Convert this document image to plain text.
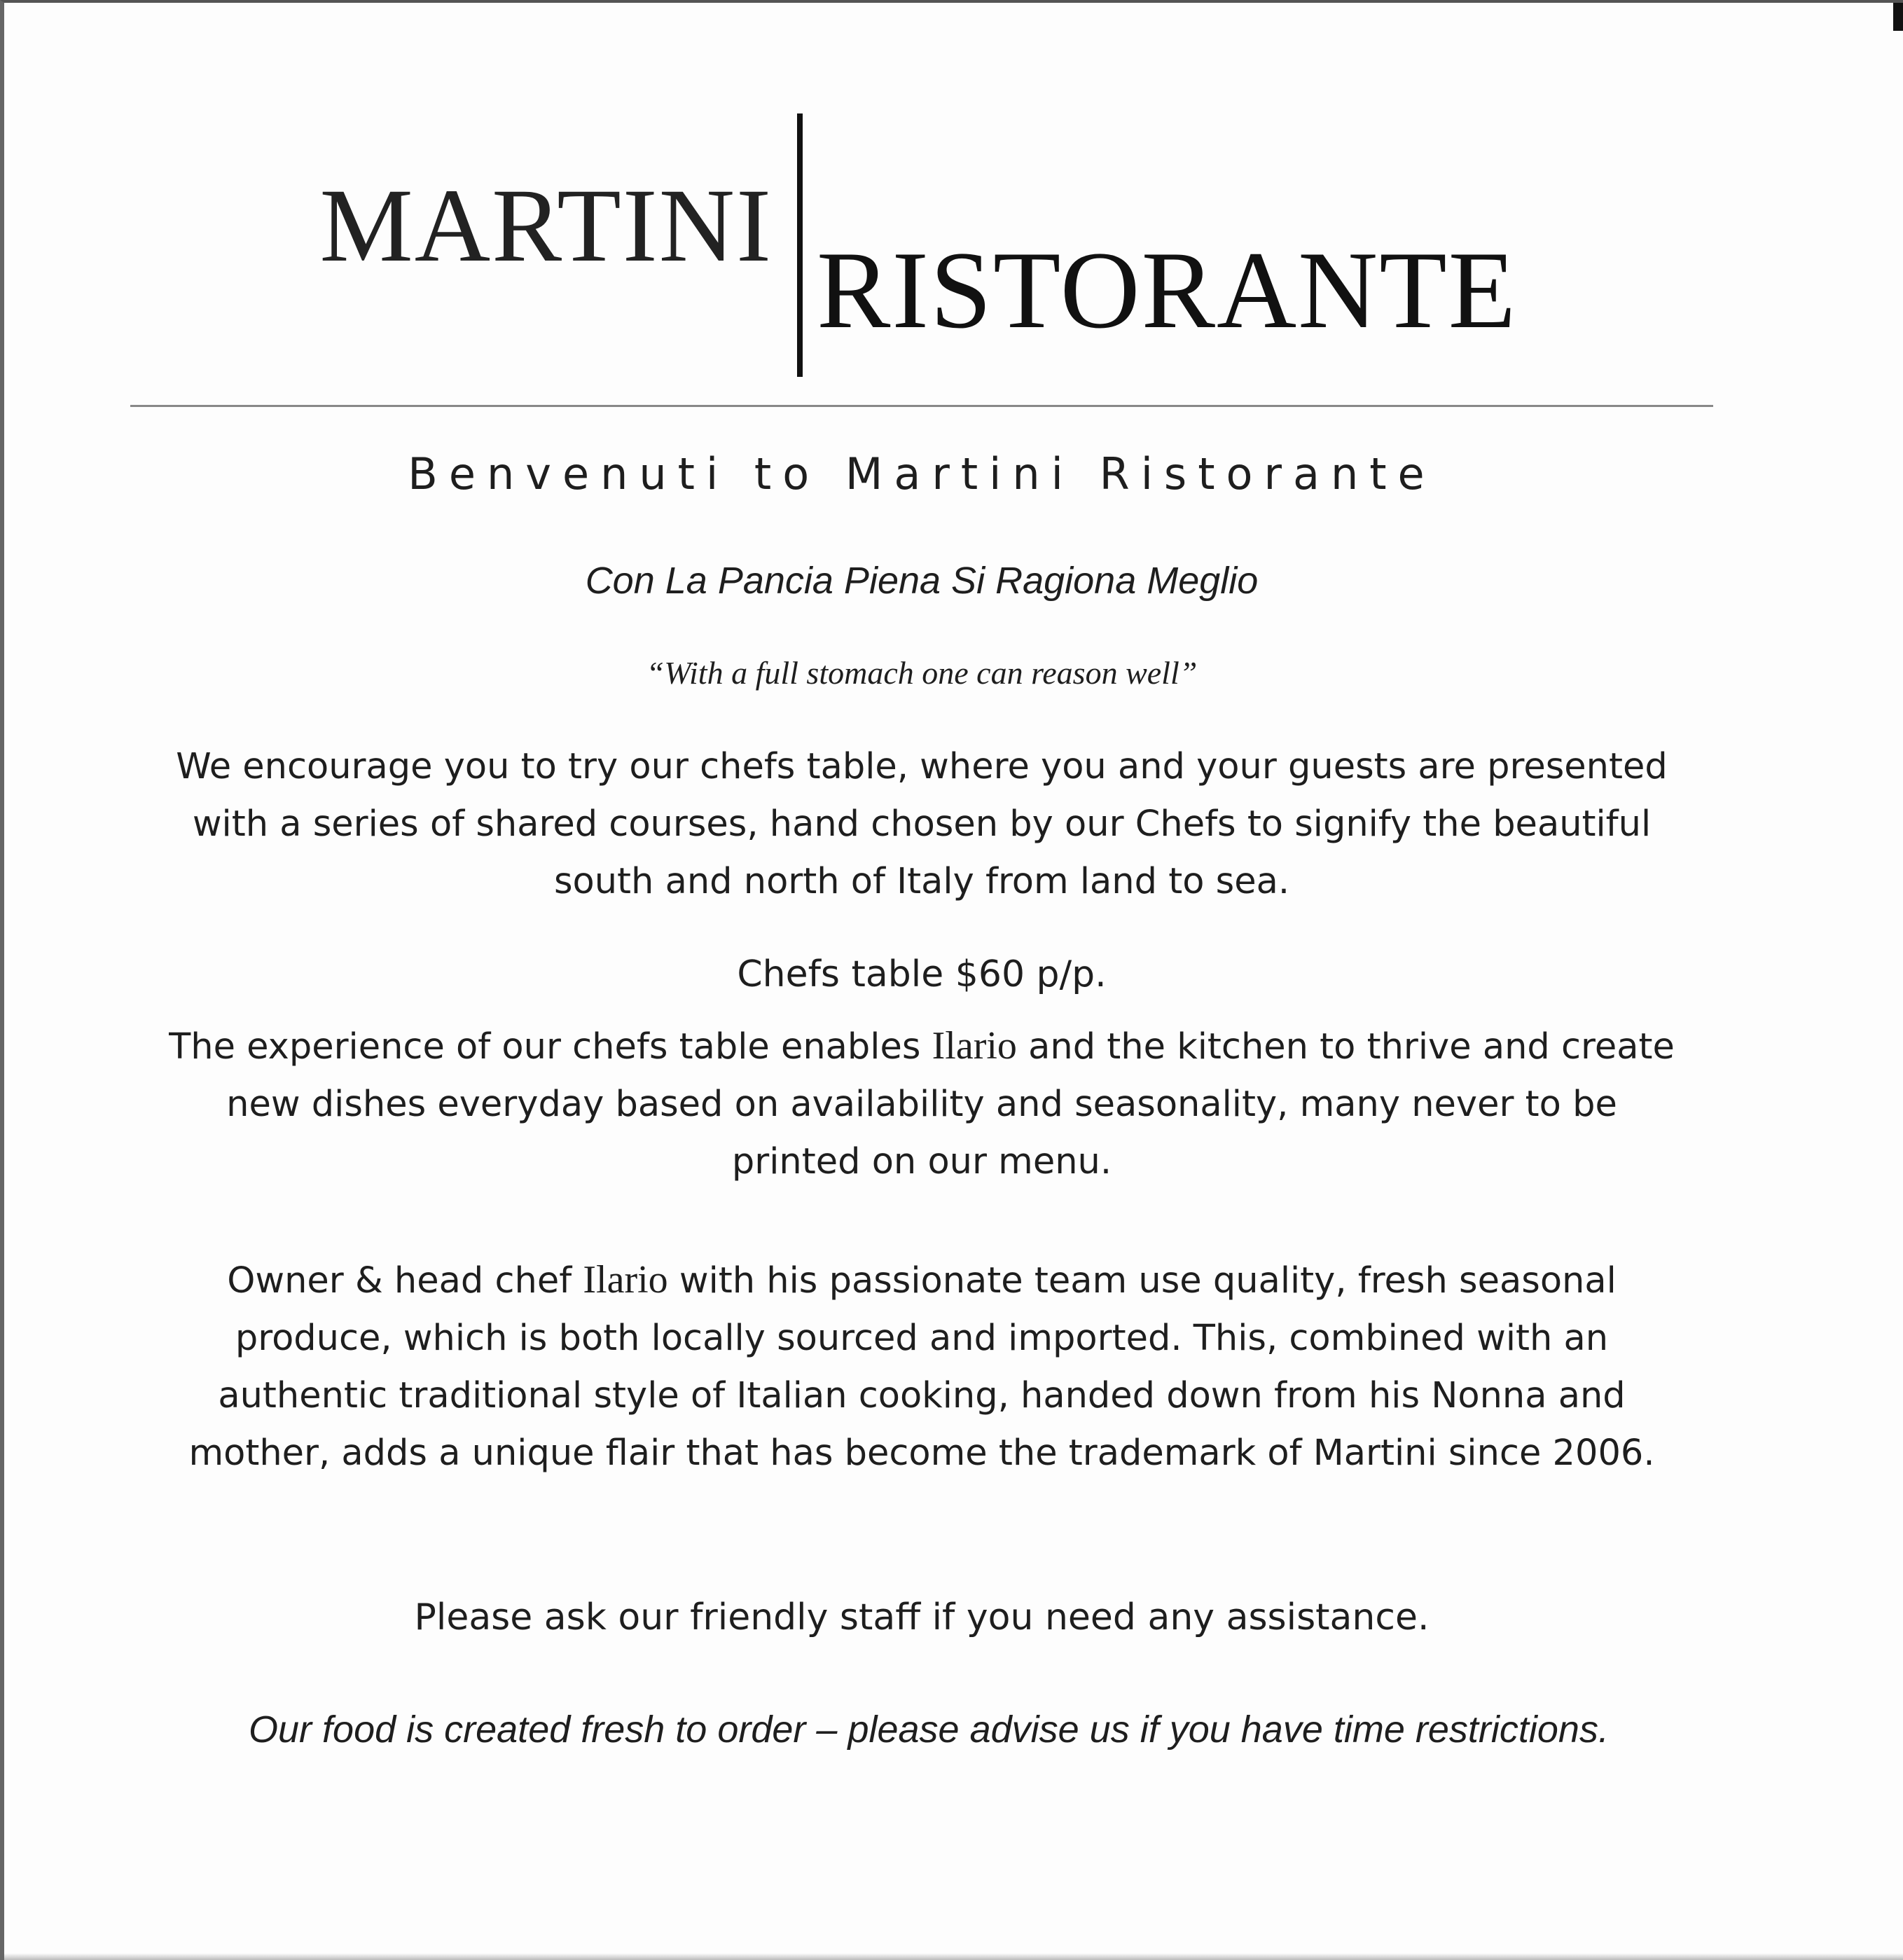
MARTINI
RISTORANTE
Benvenuti to Martini Ristorante
Con La Pancia Piena Si Ragiona Meglio
“With a full stomach one can reason well”
We encourage you to try our chefs table, where you and your guests are presented with a series of shared courses, hand chosen by our Chefs to signify the beautiful south and north of Italy from land to sea.
Chefs table $60 p/p.
The experience of our chefs table enables Ilario and the kitchen to thrive and create new dishes everyday based on availability and seasonality, many never to be printed on our menu.
Owner & head chef Ilario with his passionate team use quality, fresh seasonal produce, which is both locally sourced and imported. This, combined with an authentic traditional style of Italian cooking, handed down from his Nonna and mother, adds a unique flair that has become the trademark of Martini since 2006.
Please ask our friendly staff if you need any assistance.
Our food is created fresh to order – please advise us if you have time restrictions.
